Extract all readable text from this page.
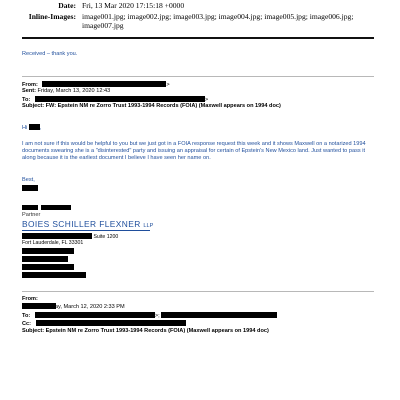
Date: Fri, 13 Mar 2020 17:15:18 +0000
Inline-Images: image001.jpg; image002.jpg; image003.jpg; image004.jpg; image005.jpg; image006.jpg;
image007.jpg
Received – thank you.
From:	>
Sent: Friday, March 13, 2020 12:43
To:	>
Subject: FW: Epstein NM re Zorro Trust 1993-1994 Records (FOIA) (Maxwell appears on 1994 doc)
Hi ,
I am not sure if this would be helpful to you but we just got in a FOIA response request this week and it shows Maxwell on a notarized 1994 documents swearing she is a "disinterested" party and issuing an appraisal for certain of Epstein's New Mexico land. Just wanted to pass it along because it is the earliest document I believe I have seen her name on.
Best,
Partner
BOIES SCHILLER FLEXNER LLP
Suite 1200
Fort Lauderdale, FL 33301
From:
Sent: Thursday, March 12, 2020 2:33 PM
To:	>;
Cc:
Subject: Epstein NM re Zorro Trust 1993-1994 Records (FOIA) (Maxwell appears on 1994 doc)
